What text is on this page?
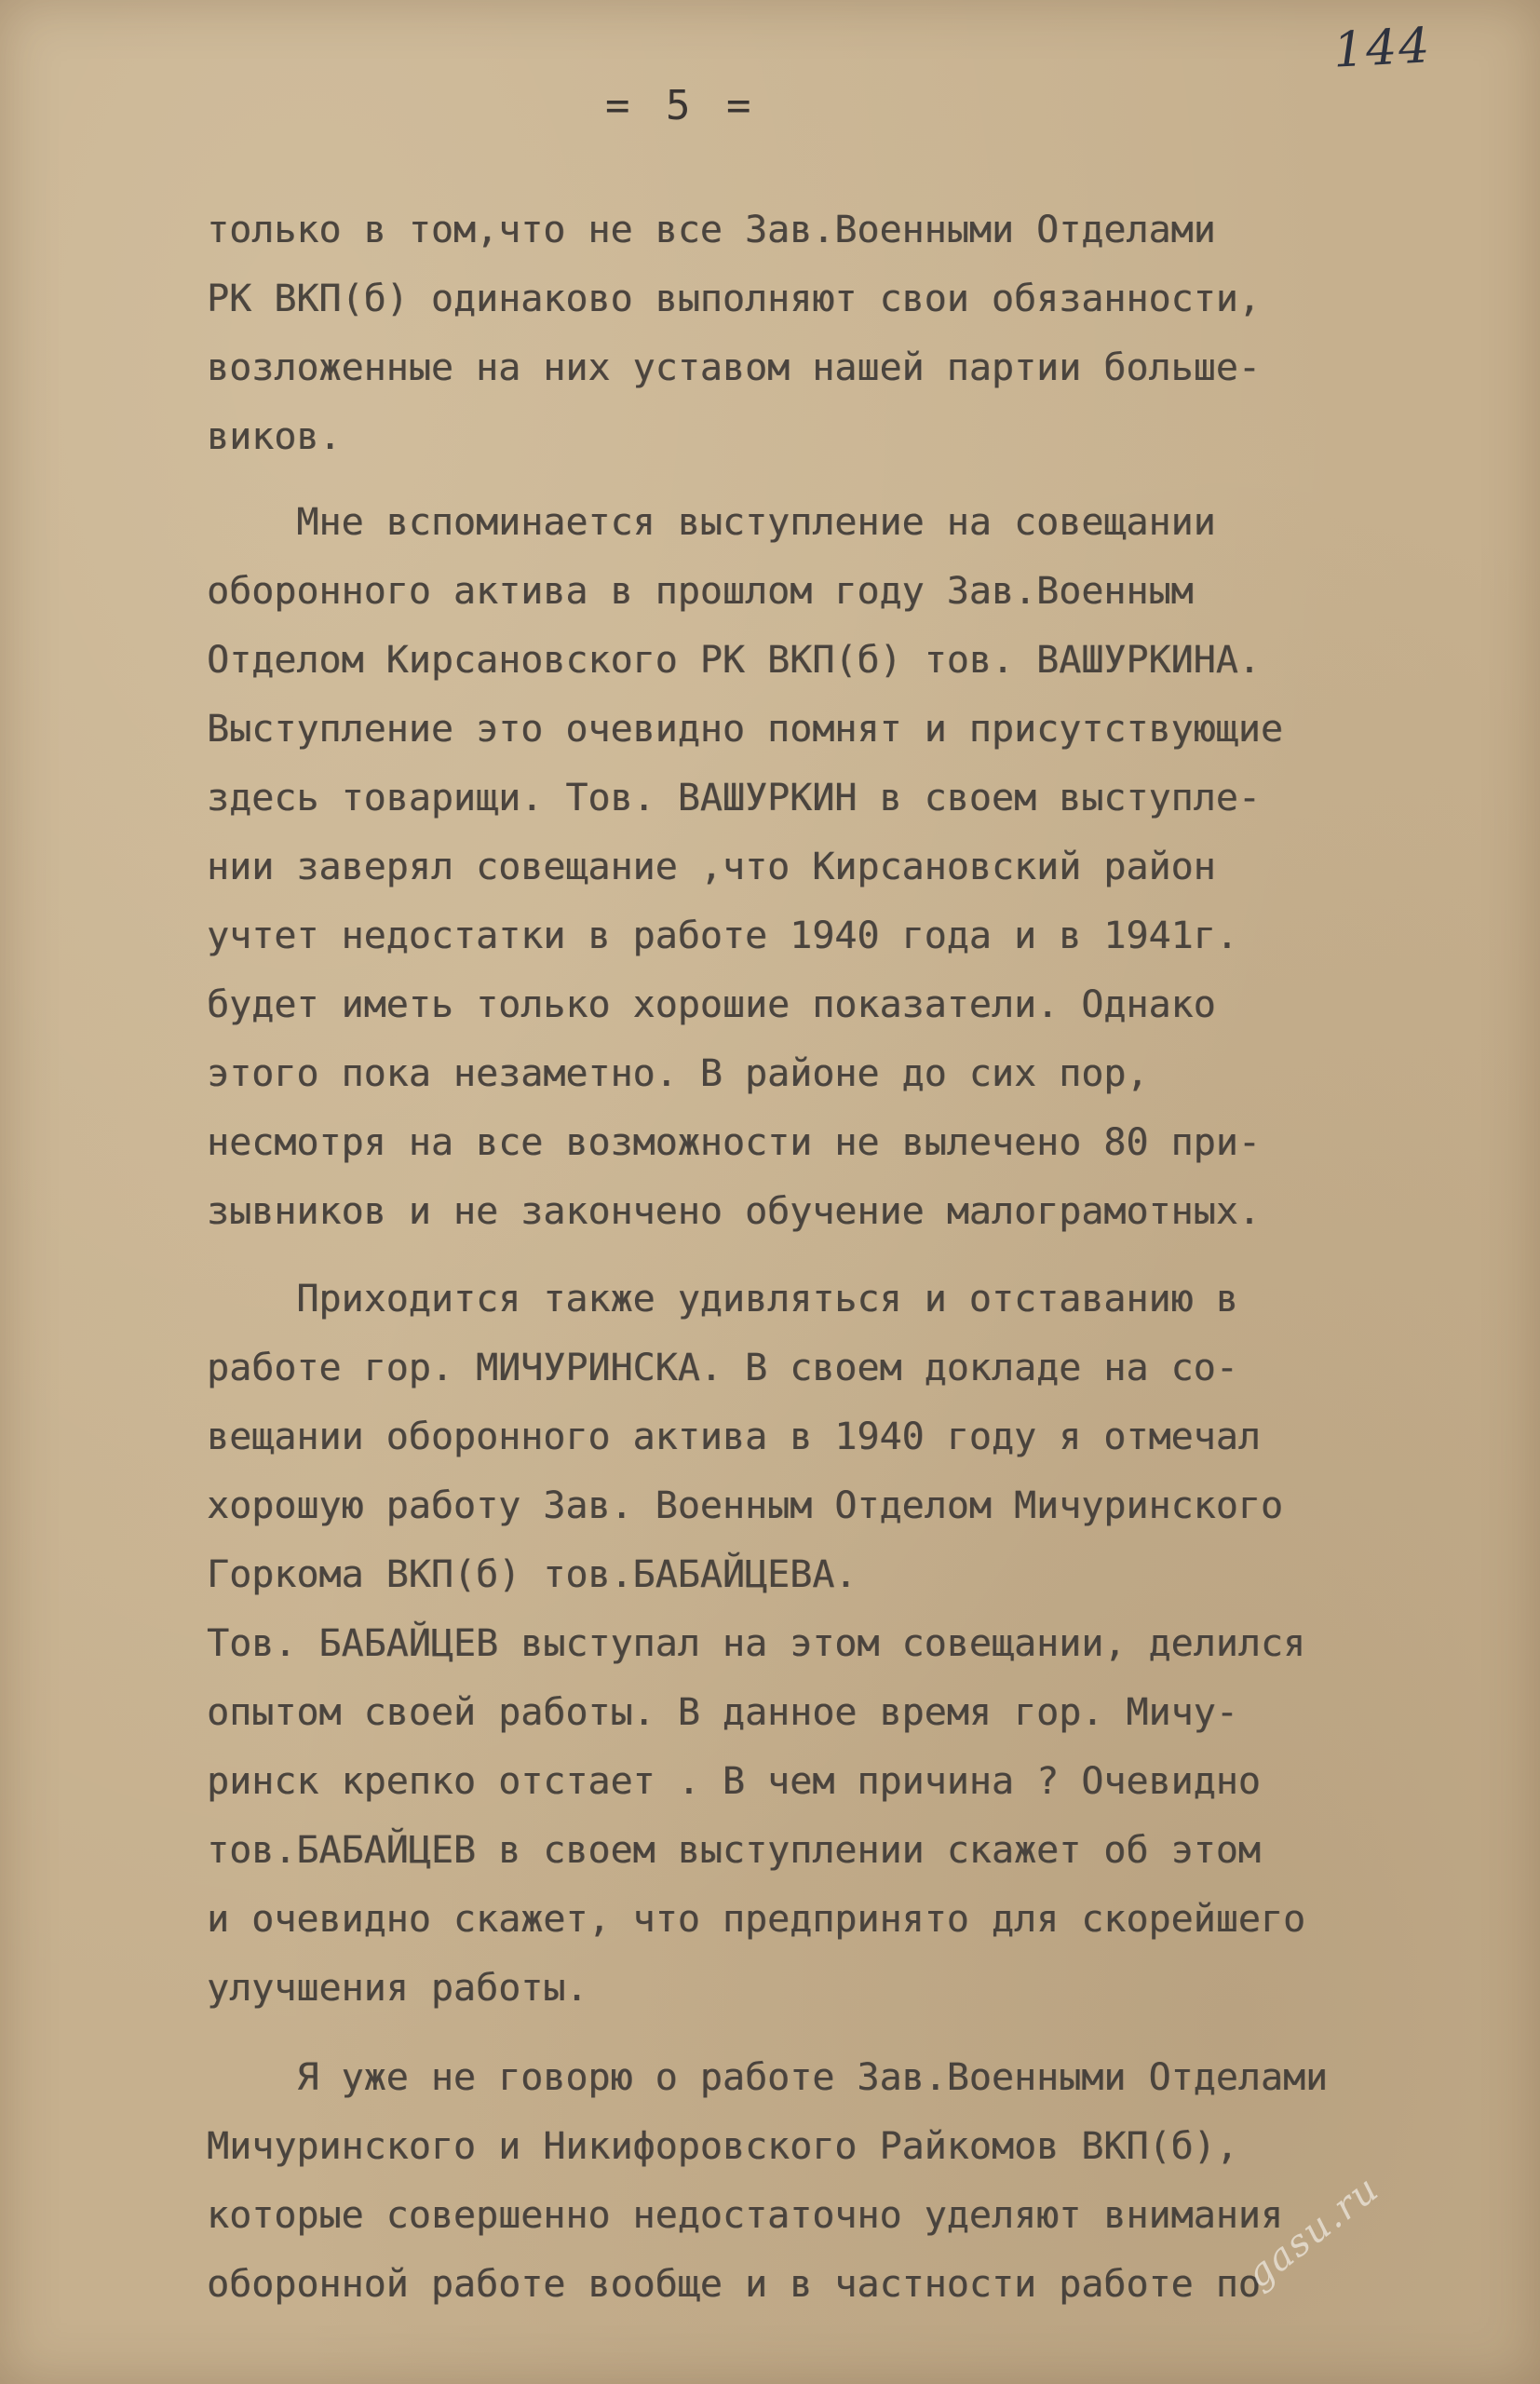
144
= 5 =
только в том,что не все Зав.Военными Отделами
РК ВКП(б) одинаково выполняют свои обязанности,
возложенные на них уставом нашей партии больше-
виков.
Мне вспоминается выступление на совещании
оборонного актива в прошлом году Зав.Военным
Отделом Кирсановского РК ВКП(б) тов. ВАШУРКИНА.
Выступление это очевидно помнят и присутствующие
здесь товарищи. Тов. ВАШУРКИН в своем выступле-
нии заверял совещание ,что Кирсановский район
учтет недостатки в работе 1940 года и в 1941г.
будет иметь только хорошие показатели. Однако
этого пока незаметно. В районе до сих пор,
несмотря на все возможности не вылечено 80 при-
зывников и не закончено обучение малограмотных.
Приходится также удивляться и отставанию в
работе гор. МИЧУРИНСКА. В своем докладе на со-
вещании оборонного актива в 1940 году я отмечал
хорошую работу Зав. Военным Отделом Мичуринского
Горкома ВКП(б) тов.БАБАЙЦЕВА.
Тов. БАБАЙЦЕВ выступал на этом совещании, делился
опытом своей работы. В данное время гор. Мичу-
ринск крепко отстает . В чем причина ? Очевидно
тов.БАБАЙЦЕВ в своем выступлении скажет об этом
и очевидно скажет, что предпринято для скорейшего
улучшения работы.
Я уже не говорю о работе Зав.Военными Отделами
Мичуринского и Никифоровского Райкомов ВКП(б),
которые совершенно недостаточно уделяют внимания
оборонной работе вообще и в частности работе по
gasu.ru
